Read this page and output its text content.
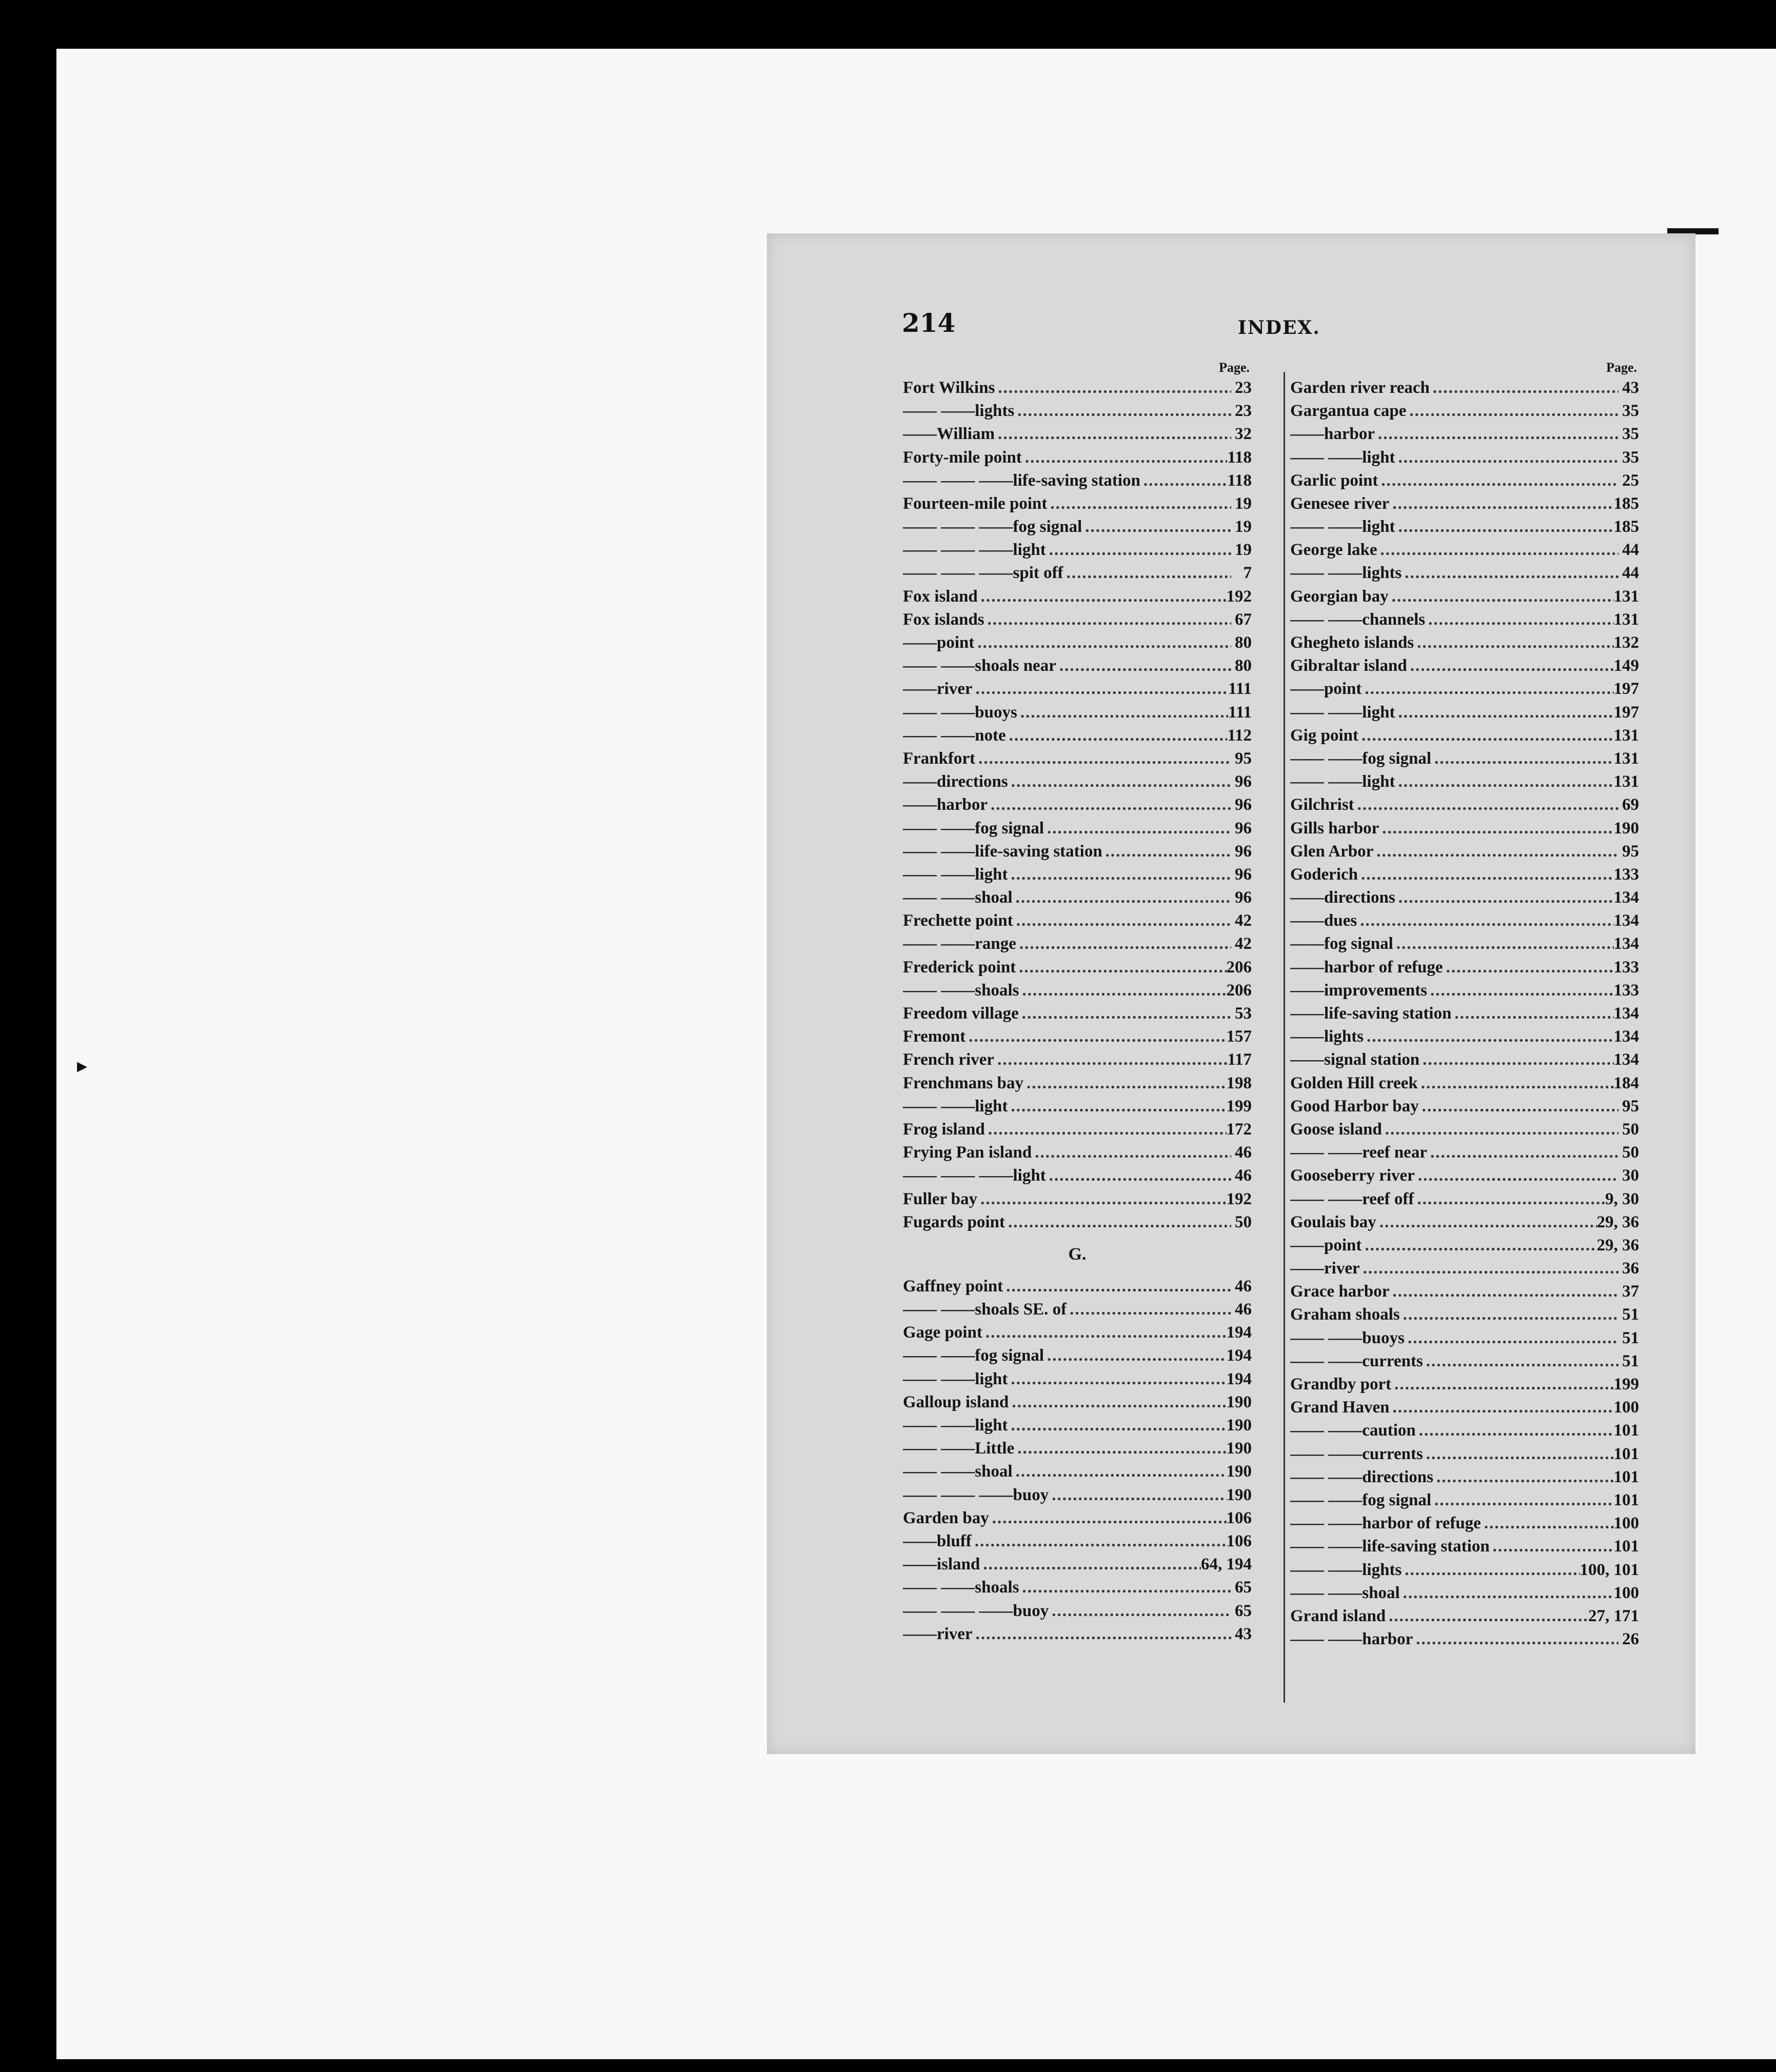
▸
214	INDEX.
Page.
Fort Wilkins .....	23
—— —— lights .....	23
—— William .....	32
Forty-mile point .....	118
—— —— —— life-saving station .....	118
Fourteen-mile point .....	19
—— —— —— fog signal .....	19
—— —— —— light .....	19
—— —— —— spit off .....	7
Fox island .....	192
Fox islands .....	67
—— point .....	80
—— —— shoals near .....	80
—— river .....	111
—— —— buoys .....	111
—— —— note .....	112
Frankfort .....	95
—— directions .....	96
—— harbor .....	96
—— —— fog signal .....	96
—— —— life-saving station .....	96
—— —— light .....	96
—— —— shoal .....	96
Frechette point .....	42
—— —— range .....	42
Frederick point .....	206
—— —— shoals .....	206
Freedom village .....	53
Fremont .....	157
French river .....	117
Frenchmans bay .....	198
—— —— light .....	199
Frog island .....	172
Frying Pan island .....	46
—— —— —— light .....	46
Fuller bay .....	192
Fugards point .....	50
G.
Gaffney point .....	46
—— —— shoals SE. of .....	46
Gage point .....	194
—— —— fog signal .....	194
—— —— light .....	194
Galloup island .....	190
—— —— light .....	190
—— —— Little .....	190
—— —— shoal .....	190
—— —— —— buoy .....	190
Garden bay .....	106
—— bluff .....	106
—— island .....	64, 194
—— —— shoals .....	65
—— —— —— buoy .....	65
—— river .....	43
Page.
Garden river reach .....	43
Gargantua cape .....	35
—— harbor .....	35
—— —— light .....	35
Garlic point .....	25
Genesee river .....	185
—— —— light .....	185
George lake .....	44
—— —— lights .....	44
Georgian bay .....	131
—— —— channels .....	131
Ghegheto islands .....	132
Gibraltar island .....	149
—— point .....	197
—— —— light .....	197
Gig point .....	131
—— —— fog signal .....	131
—— —— light .....	131
Gilchrist .....	69
Gills harbor .....	190
Glen Arbor .....	95
Goderich .....	133
—— directions .....	134
—— dues .....	134
—— fog signal .....	134
—— harbor of refuge .....	133
—— improvements .....	133
—— life-saving station .....	134
—— lights .....	134
—— signal station .....	134
Golden Hill creek .....	184
Good Harbor bay .....	95
Goose island .....	50
—— —— reef near .....	50
Gooseberry river .....	30
—— —— reef off .....	9, 30
Goulais bay .....	29, 36
—— point .....	29, 36
—— river .....	36
Grace harbor .....	37
Graham shoals .....	51
—— —— buoys .....	51
—— —— currents .....	51
Grandby port .....	199
Grand Haven .....	100
—— —— caution .....	101
—— —— currents .....	101
—— —— directions .....	101
—— —— fog signal .....	101
—— —— harbor of refuge .....	100
—— —— life-saving station .....	101
—— —— lights .....	100, 101
—— —— shoal .....	100
Grand island .....	27, 171
—— —— harbor .....	26
